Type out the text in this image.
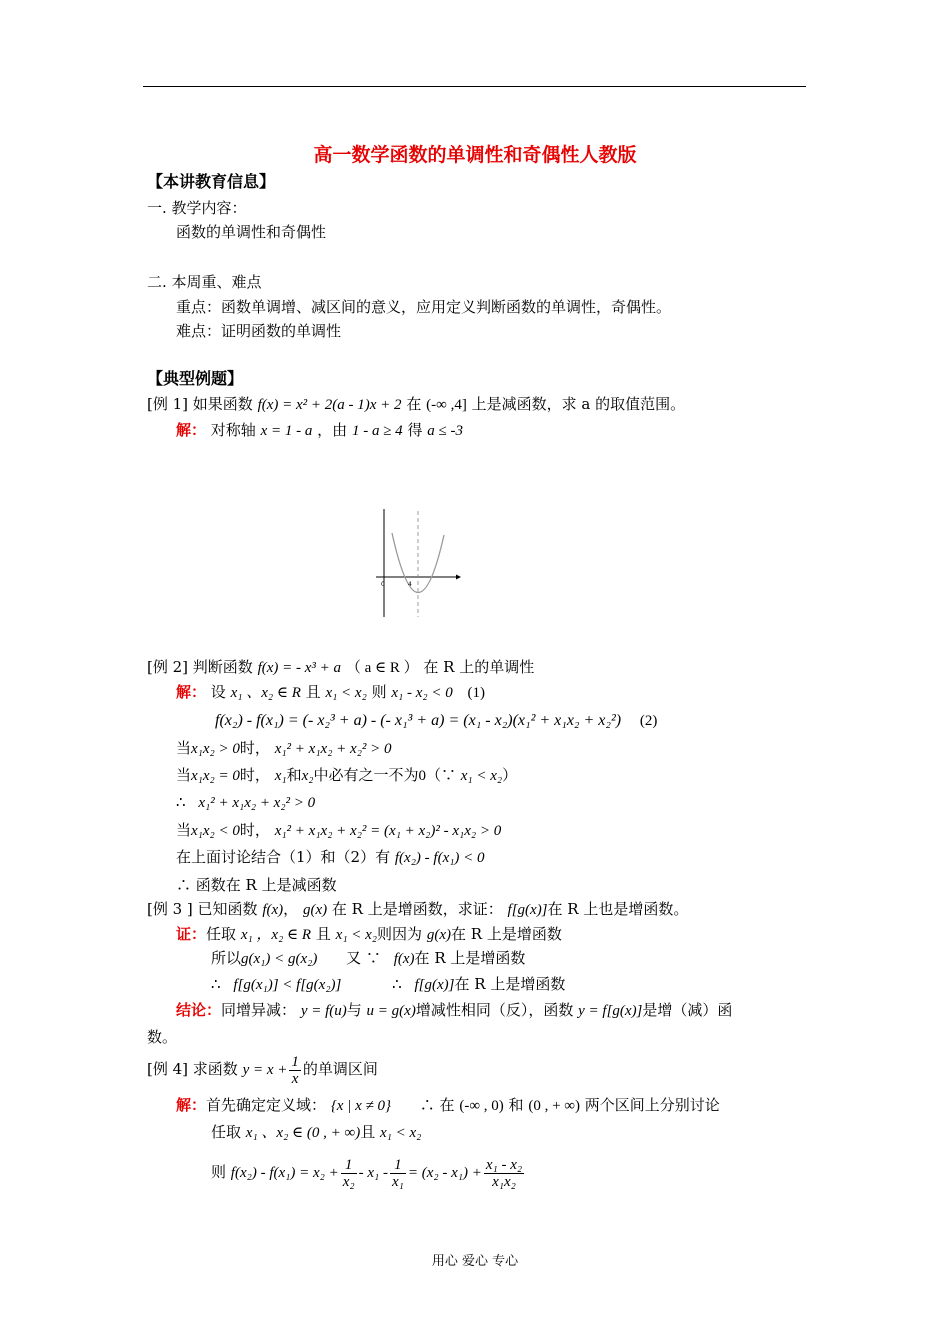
高一数学函数的单调性和奇偶性人教版
【本讲教育信息】
一. 教学内容：
函数的单调性和奇偶性
二. 本周重、难点
重点：函数单调增、减区间的意义，应用定义判断函数的单调性，奇偶性。
难点：证明函数的单调性
【典型例题】
[例 1] 如果函数 f(x) = x² + 2(a - 1)x + 2 在 (-∞ ,4] 上是减函数，求 a 的取值范围。
解： 对称轴 x = 1 - a ，由 1 - a ≥ 4 得 a ≤ -3
0	4
[例 2] 判断函数 f(x) = - x³ + a （ a ∈ R ） 在 R 上的单调性
解： 设 x₁ 、x₂ ∈ R 且 x₁ < x₂ 则 x₁ - x₂ < 0 (1)
f(x₂) - f(x₁) = (- x₂³ + a) - (- x₁³ + a) = (x₁ - x₂)(x₁² + x₁x₂ + x₂²) (2)
当x₁x₂ > 0时， x₁² + x₁x₂ + x₂² > 0
当x₁x₂ = 0时， x₁和x₂中必有之一不为0（∵ x₁ < x₂）
∴ x₁² + x₁x₂ + x₂² > 0
当x₁x₂ < 0时， x₁² + x₁x₂ + x₂² = (x₁ + x₂)² - x₁x₂ > 0
在上面讨论结合（1）和（2）有 f(x₂) - f(x₁) < 0
∴ 函数在 R 上是减函数
[例 3 ] 已知函数 f(x)， g(x) 在 R 上是增函数，求证： f[g(x)]在 R 上也是增函数。
证：任取 x₁ ，x₂ ∈ R 且 x₁ < x₂则因为 g(x)在 R 上是增函数
所以g(x₁) < g(x₂) 又 ∵ f(x)在 R 上是增函数
∴ f[g(x₁)] < f[g(x₂)]	∴ f[g(x)]在 R 上是增函数
结论：同增异减： y = f(u)与 u = g(x)增减性相同（反），函数 y = f[g(x)]是增（减）函
数。
[例 4] 求函数 $y = x + \frac{1}{x}$ 的单调区间
解：首先确定定义域： {x | x ≠ 0} ∴ 在 (-∞ , 0) 和 (0 , + ∞) 两个区间上分别讨论
任取 x₁ 、x₂ ∈ (0 , + ∞)且 x₁ < x₂
则 $f(x_2) - f(x_1) = x_2 + \frac{1}{\text{x₂}} - x_1 - \frac{1}{\text{x₁}} = (x_2 - x_1) + \frac{\text{x₁ - x₂}}{\text{x₁x₂}}$
用心 爱心 专心
